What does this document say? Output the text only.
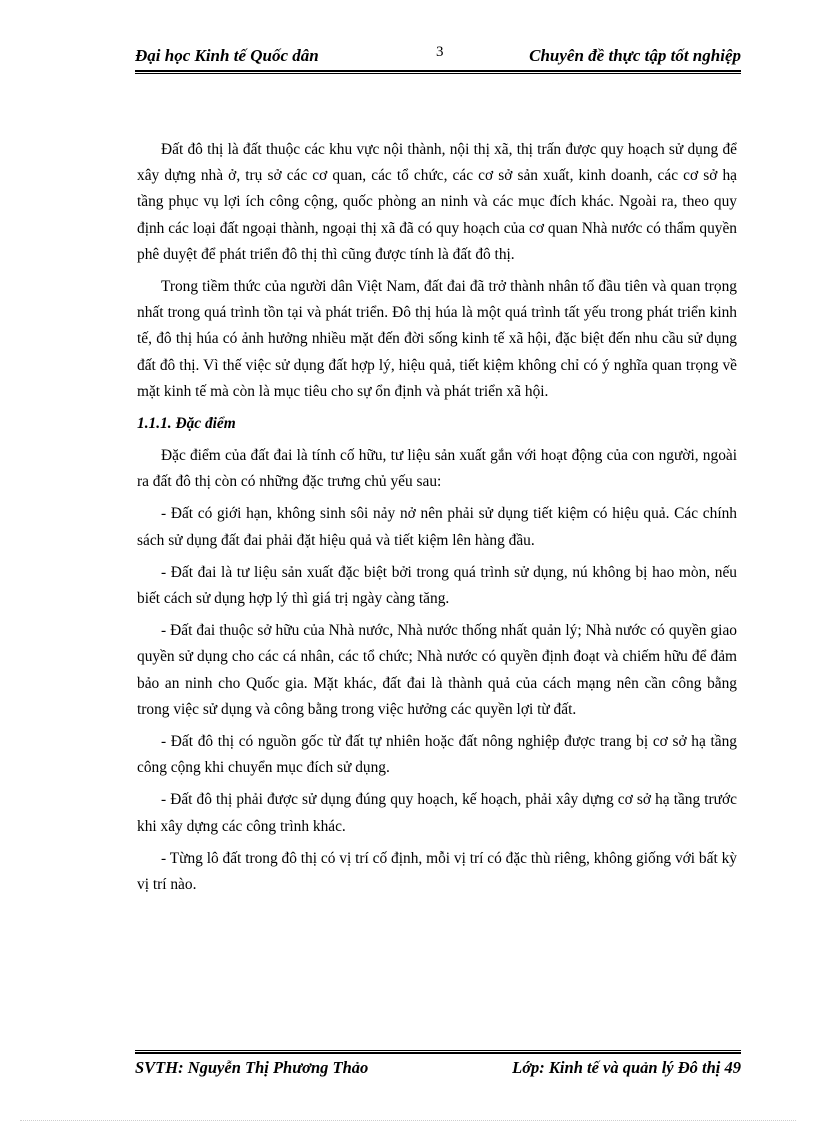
Đại học Kinh tế Quốc dân	3	Chuyên đề thực tập tốt nghiệp

Đất đô thị là đất thuộc các khu vực nội thành, nội thị xã, thị trấn được quy hoạch sử dụng để xây dựng nhà ở, trụ sở các cơ quan, các tổ chức, các cơ sở sản xuất, kinh doanh, các cơ sở hạ tầng phục vụ lợi ích công cộng, quốc phòng an ninh và các mục đích khác. Ngoài ra, theo quy định các loại đất ngoại thành, ngoại thị xã đã có quy hoạch của cơ quan Nhà nước có thẩm quyền phê duyệt để phát triển đô thị thì cũng được tính là đất đô thị.

Trong tiềm thức của người dân Việt Nam, đất đai đã trở thành nhân tố đầu tiên và quan trọng nhất trong quá trình tồn tại và phát triển. Đô thị húa là một quá trình tất yếu trong phát triển kinh tế, đô thị húa có ảnh hưởng nhiều mặt đến đời sống kinh tế xã hội, đặc biệt đến nhu cầu sử dụng đất đô thị. Vì thế việc sử dụng đất hợp lý, hiệu quả, tiết kiệm không chỉ có ý nghĩa quan trọng về mặt kinh tế mà còn là mục tiêu cho sự ổn định và phát triển xã hội.

1.1.1. Đặc điểm

Đặc điểm của đất đai là tính cố hữu, tư liệu sản xuất gắn với hoạt động của con người, ngoài ra đất đô thị còn có những đặc trưng chủ yếu sau:

- Đất có giới hạn, không sinh sôi nảy nở nên phải sử dụng tiết kiệm có hiệu quả. Các chính sách sử dụng đất đai phải đặt hiệu quả và tiết kiệm lên hàng đầu.

- Đất đai là tư liệu sản xuất đặc biệt bởi trong quá trình sử dụng, nú không bị hao mòn, nếu biết cách sử dụng hợp lý thì giá trị ngày càng tăng.

- Đất đai thuộc sở hữu của Nhà nước, Nhà nước thống nhất quản lý; Nhà nước có quyền giao quyền sử dụng cho các cá nhân, các tổ chức; Nhà nước có quyền định đoạt và chiếm hữu để đảm bảo an ninh cho Quốc gia. Mặt khác, đất đai là thành quả của cách mạng nên cần công bằng trong việc sử dụng và công bằng trong việc hưởng các quyền lợi từ đất.

- Đất đô thị có nguồn gốc từ đất tự nhiên hoặc đất nông nghiệp được trang bị cơ sở hạ tầng công cộng khi chuyển mục đích sử dụng.

- Đất đô thị phải được sử dụng đúng quy hoạch, kế hoạch, phải xây dựng cơ sở hạ tầng trước khi xây dựng các công trình khác.

- Từng lô đất trong đô thị có vị trí cố định, mỗi vị trí có đặc thù riêng, không giống với bất kỳ vị trí nào.

SVTH: Nguyễn Thị Phương Thảo	Lớp: Kinh tế và quản lý Đô thị 49
